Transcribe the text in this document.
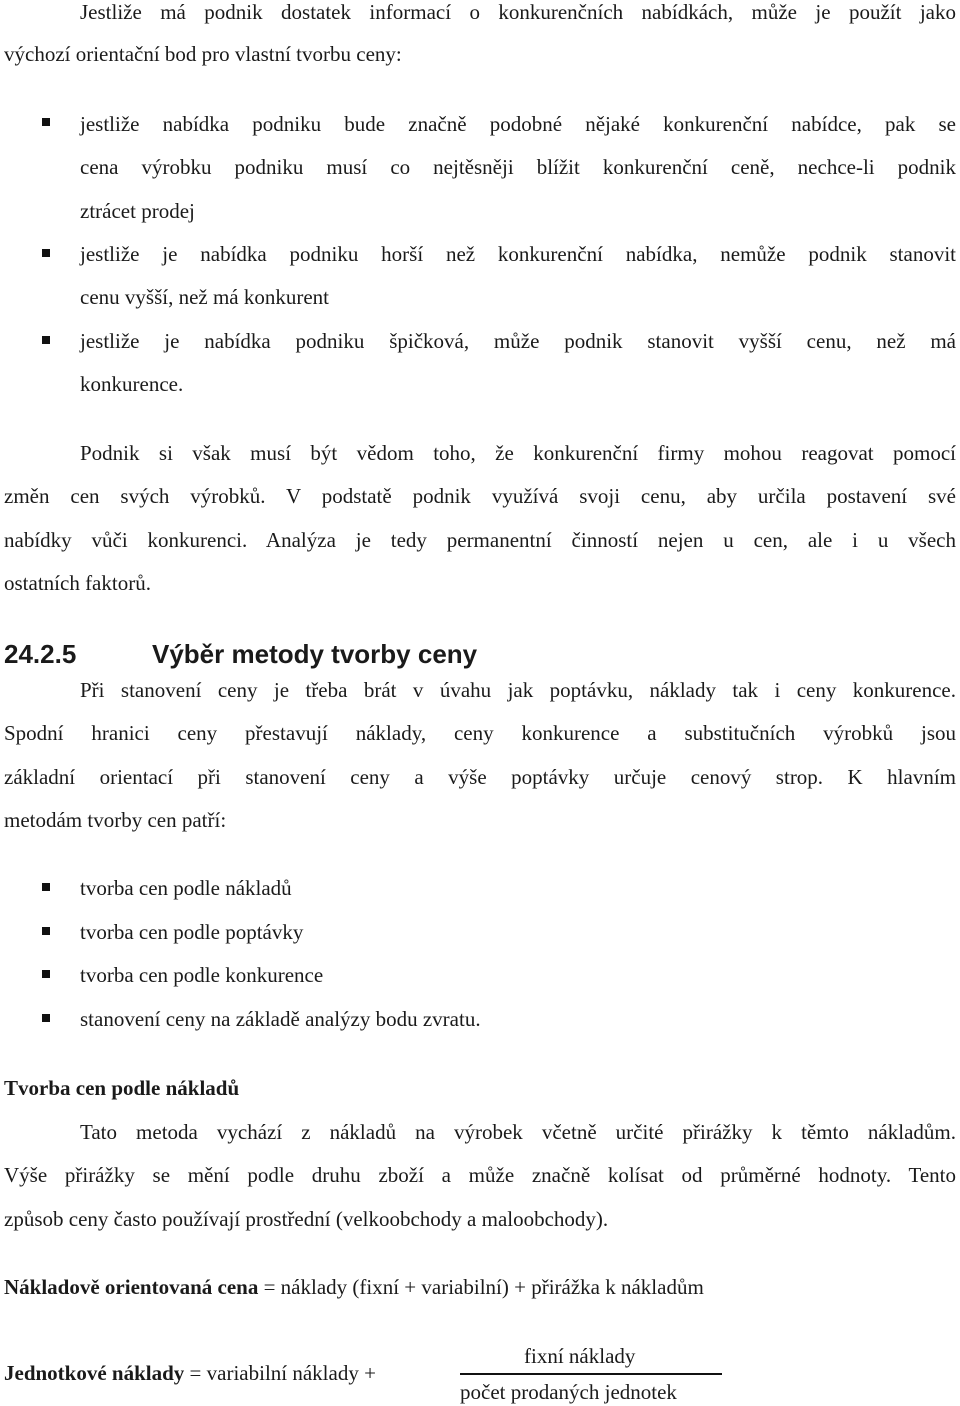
Jestliže má podnik dostatek informací o konkurenčních nabídkách, může je použít jako
výchozí orientační bod pro vlastní tvorbu ceny:
jestliže nabídka podniku bude značně podobné nějaké konkurenční nabídce, pak se
cena výrobku podniku musí co nejtěsněji blížit konkurenční ceně, nechce-li podnik
ztrácet prodej
jestliže je nabídka podniku horší než konkurenční nabídka, nemůže podnik stanovit
cenu vyšší, než má konkurent
jestliže je nabídka podniku špičková, může podnik stanovit vyšší cenu, než má
konkurence.
Podnik si však musí být vědom toho, že konkurenční firmy mohou reagovat pomocí
změn cen svých výrobků. V podstatě podnik využívá svoji cenu, aby určila postavení své
nabídky vůči konkurenci. Analýza je tedy permanentní činností nejen u cen, ale i u všech
ostatních faktorů.
24.2.5	Výběr metody tvorby ceny
Při stanovení ceny je třeba brát v úvahu jak poptávku, náklady tak i ceny konkurence.
Spodní hranici ceny přestavují náklady, ceny konkurence a substitučních výrobků jsou
základní orientací při stanovení ceny a výše poptávky určuje cenový strop. K hlavním
metodám tvorby cen patří:
tvorba cen podle nákladů
tvorba cen podle poptávky
tvorba cen podle konkurence
stanovení ceny na základě analýzy bodu zvratu.
Tvorba cen podle nákladů
Tato metoda vychází z nákladů na výrobek včetně určité přirážky k těmto nákladům.
Výše přirážky se mění podle druhu zboží a může značně kolísat od průměrné hodnoty. Tento
způsob ceny často používají prostřední (velkoobchody a maloobchody).
Nákladově orientovaná cena = náklady (fixní + variabilní) + přirážka k nákladům
Jednotkové náklady = variabilní náklady +
fixní náklady
počet prodaných jednotek
